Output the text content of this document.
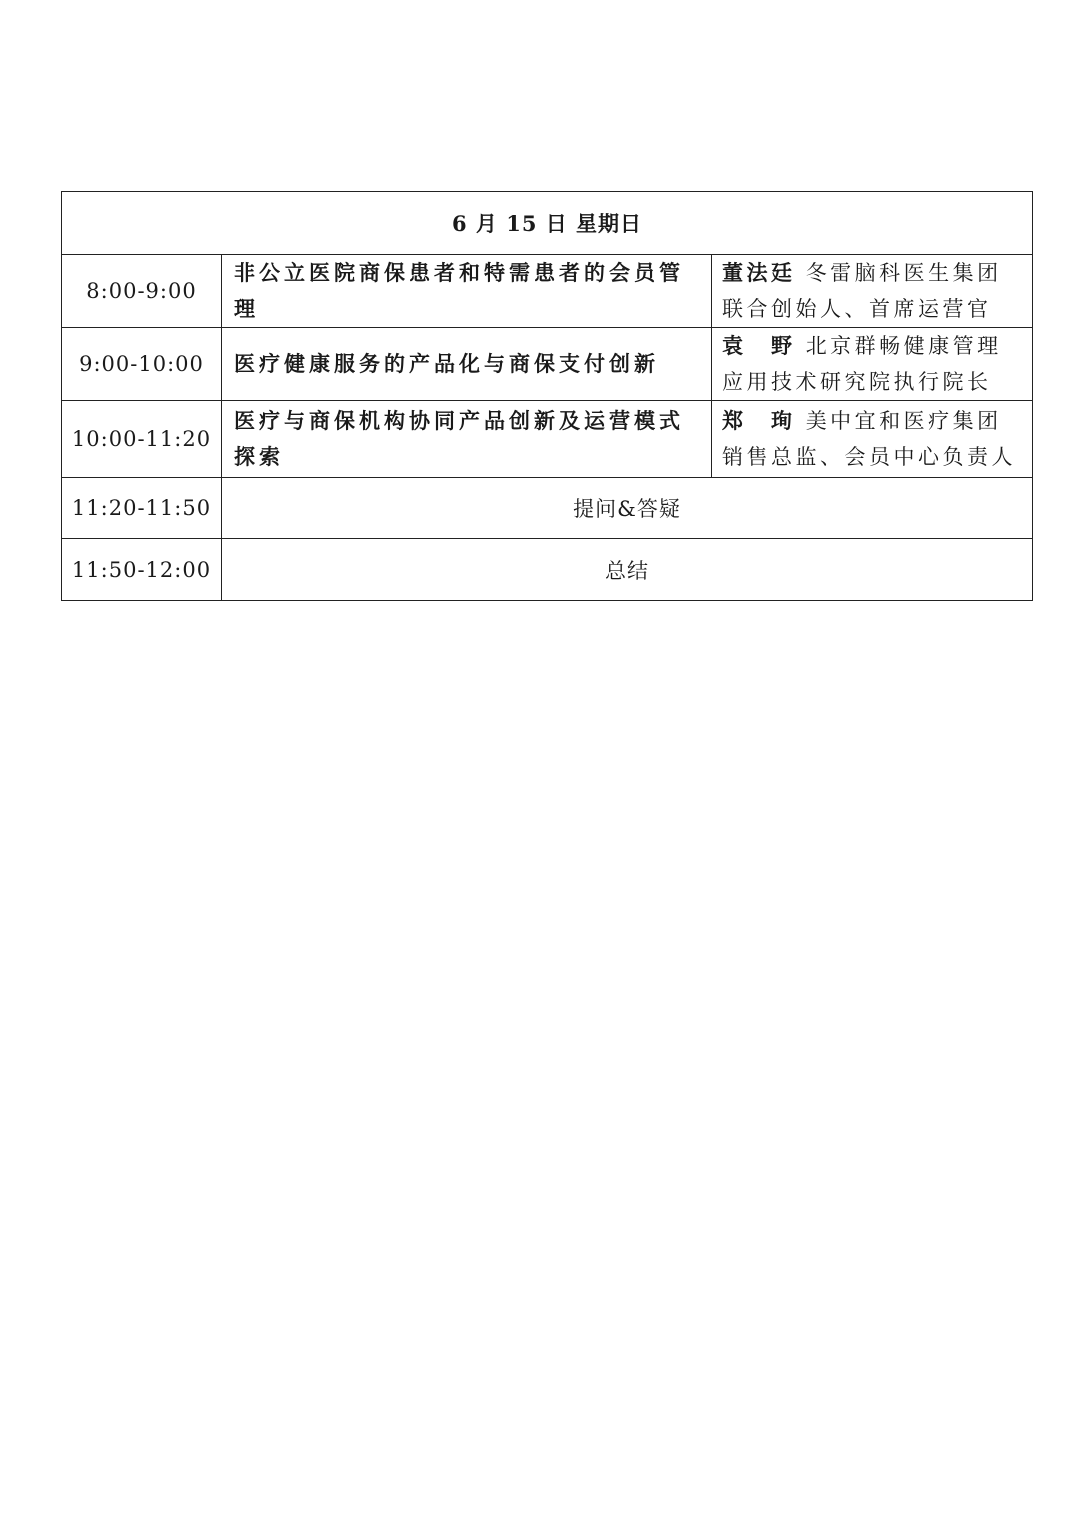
6 月 15 日 星期日		
8:00-9:00	非公立医院商保患者和特需患者的会员管理	董法廷 冬雷脑科医生集团
联合创始人、首席运营官

9:00-10:00	医疗健康服务的产品化与商保支付创新	袁　野 北京群畅健康管理
应用技术研究院执行院长

10:00-11:20	医疗与商保机构协同产品创新及运营模式探索	郑　珣 美中宜和医疗集团
销售总监、会员中心负责人

11:20-11:50	提问&答疑	
11:50-12:00	总结	
